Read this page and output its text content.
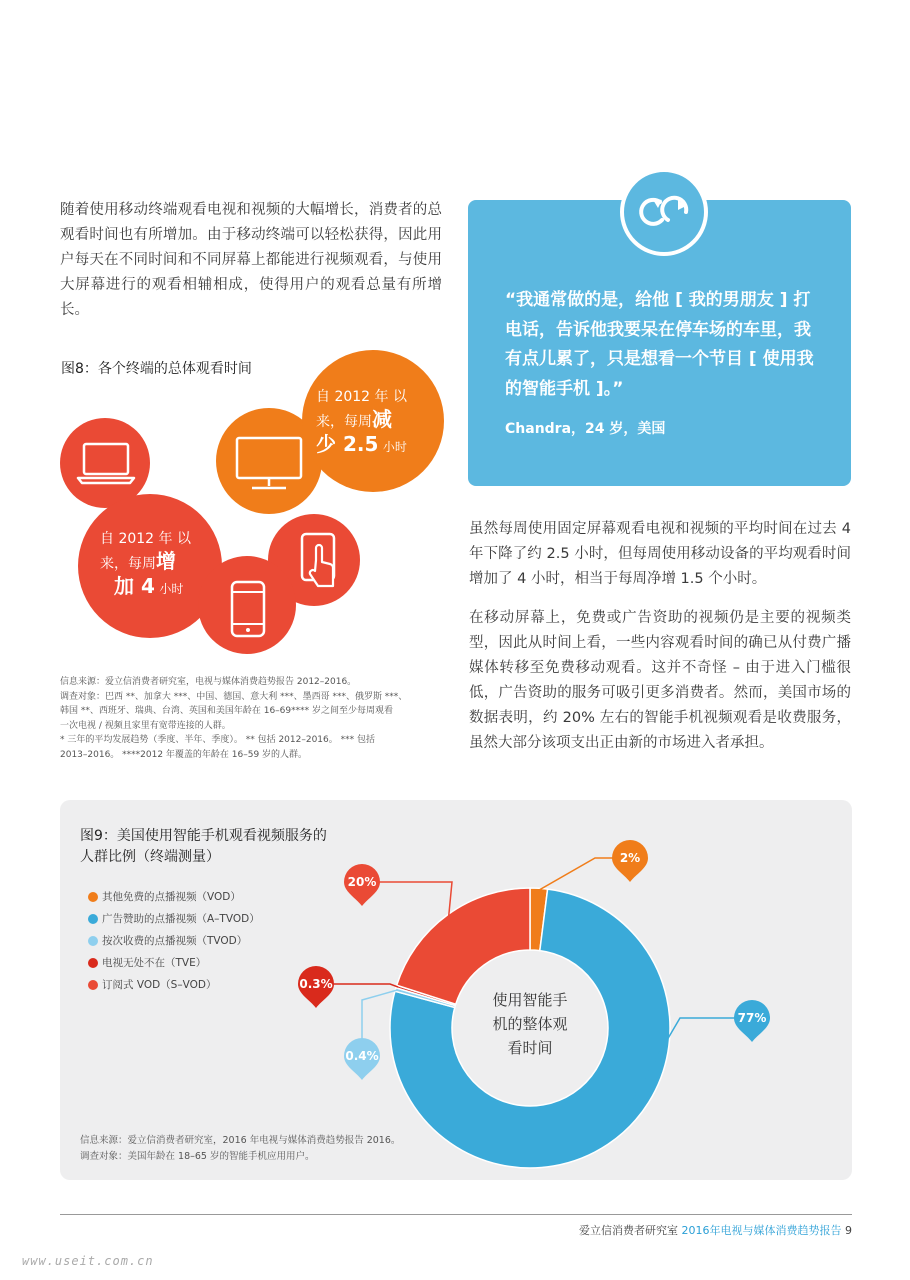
随着使用移动终端观看电视和视频的大幅增长，消费者的总观看时间也有所增加。由于移动终端可以轻松获得，因此用户每天在不同时间和不同屏幕上都能进行视频观看，与使用大屏幕进行的观看相辅相成，使得用户的观看总量有所增长。
图8：各个终端的总体观看时间
自 2012 年 以
来，每周减
少 2.5 小时
自 2012 年 以
来，每周增
加 4 小时
信息来源：爱立信消费者研究室，电视与媒体消费趋势报告 2012–2016。
调查对象：巴西 **、加拿大 ***、中国、德国、意大利 ***、墨西哥 ***、俄罗斯 ***、
韩国 **、西班牙、瑞典、台湾、英国和美国年龄在 16–69**** 岁之间至少每周观看
一次电视 / 视频且家里有宽带连接的人群。
* 三年的平均发展趋势（季度、半年、季度）。 ** 包括 2012–2016。 *** 包括
2013–2016。 ****2012 年覆盖的年龄在 16–59 岁的人群。
“我通常做的是，给他 [ 我的男朋友 ] 打电话，告诉他我要呆在停车场的车里，我有点儿累了，只是想看一个节目 [ 使用我的智能手机 ]。”
Chandra，24 岁，美国
虽然每周使用固定屏幕观看电视和视频的平均时间在过去 4 年下降了约 2.5 小时，但每周使用移动设备的平均观看时间增加了 4 小时，相当于每周净增 1.5 个小时。
在移动屏幕上，免费或广告资助的视频仍是主要的视频类型，因此从时间上看，一些内容观看时间的确已从付费广播媒体转移至免费移动观看。这并不奇怪 – 由于进入门槛很低，广告资助的服务可吸引更多消费者。然而，美国市场的数据表明，约 20% 左右的智能手机视频观看是收费服务，虽然大部分该项支出正由新的市场进入者承担。
图9：美国使用智能手机观看视频服务的
人群比例（终端测量）
其他免费的点播视频（VOD）
广告赞助的点播视频（A–TVOD）
按次收费的点播视频（TVOD）
电视无处不在（TVE）
订阅式 VOD（S–VOD）
2%
77%
0.4%
0.3%
20%
使用智能手
机的整体观
看时间
信息来源：爱立信消费者研究室，2016 年电视与媒体消费趋势报告 2016。
调查对象：美国年龄在 18–65 岁的智能手机应用用户。
爱立信消费者研究室 2016年电视与媒体消费趋势报告 9
www.useit.com.cn
